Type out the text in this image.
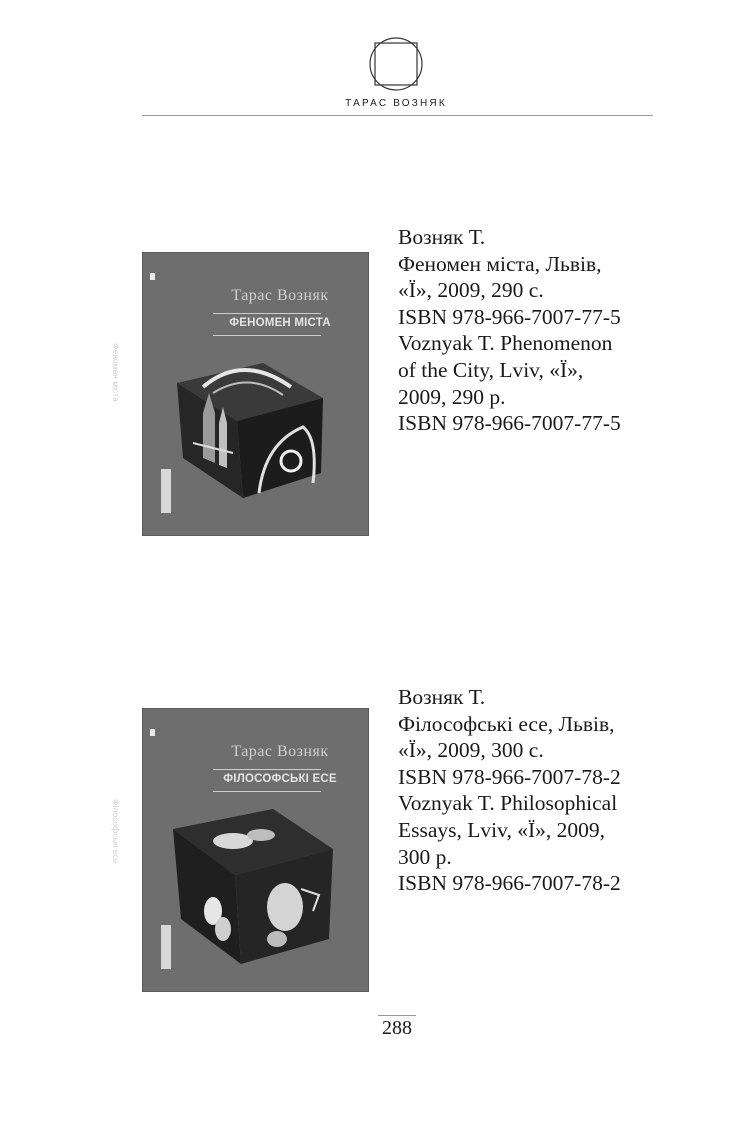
ТАРАС ВОЗНЯК
Тарас Возняк
ФЕНОМЕН МІСТА
Феномен міста
Возняк Т.
Феномен міста, Львів,
«Ї», 2009, 290 с.
ISBN 978-966-7007-77-5
Voznyak T. Phenomenon
of the City, Lviv, «Ї»,
2009, 290 p.
ISBN 978-966-7007-77-5
Тарас Возняк
ФІЛОСОФСЬКІ ЕСЕ
Філософські есе
Возняк Т.
Філософські есе, Львів,
«Ї», 2009, 300 с.
ISBN 978-966-7007-78-2
Voznyak T. Philosophical
Essays, Lviv, «Ї», 2009,
300 p.
ISBN 978-966-7007-78-2
288
